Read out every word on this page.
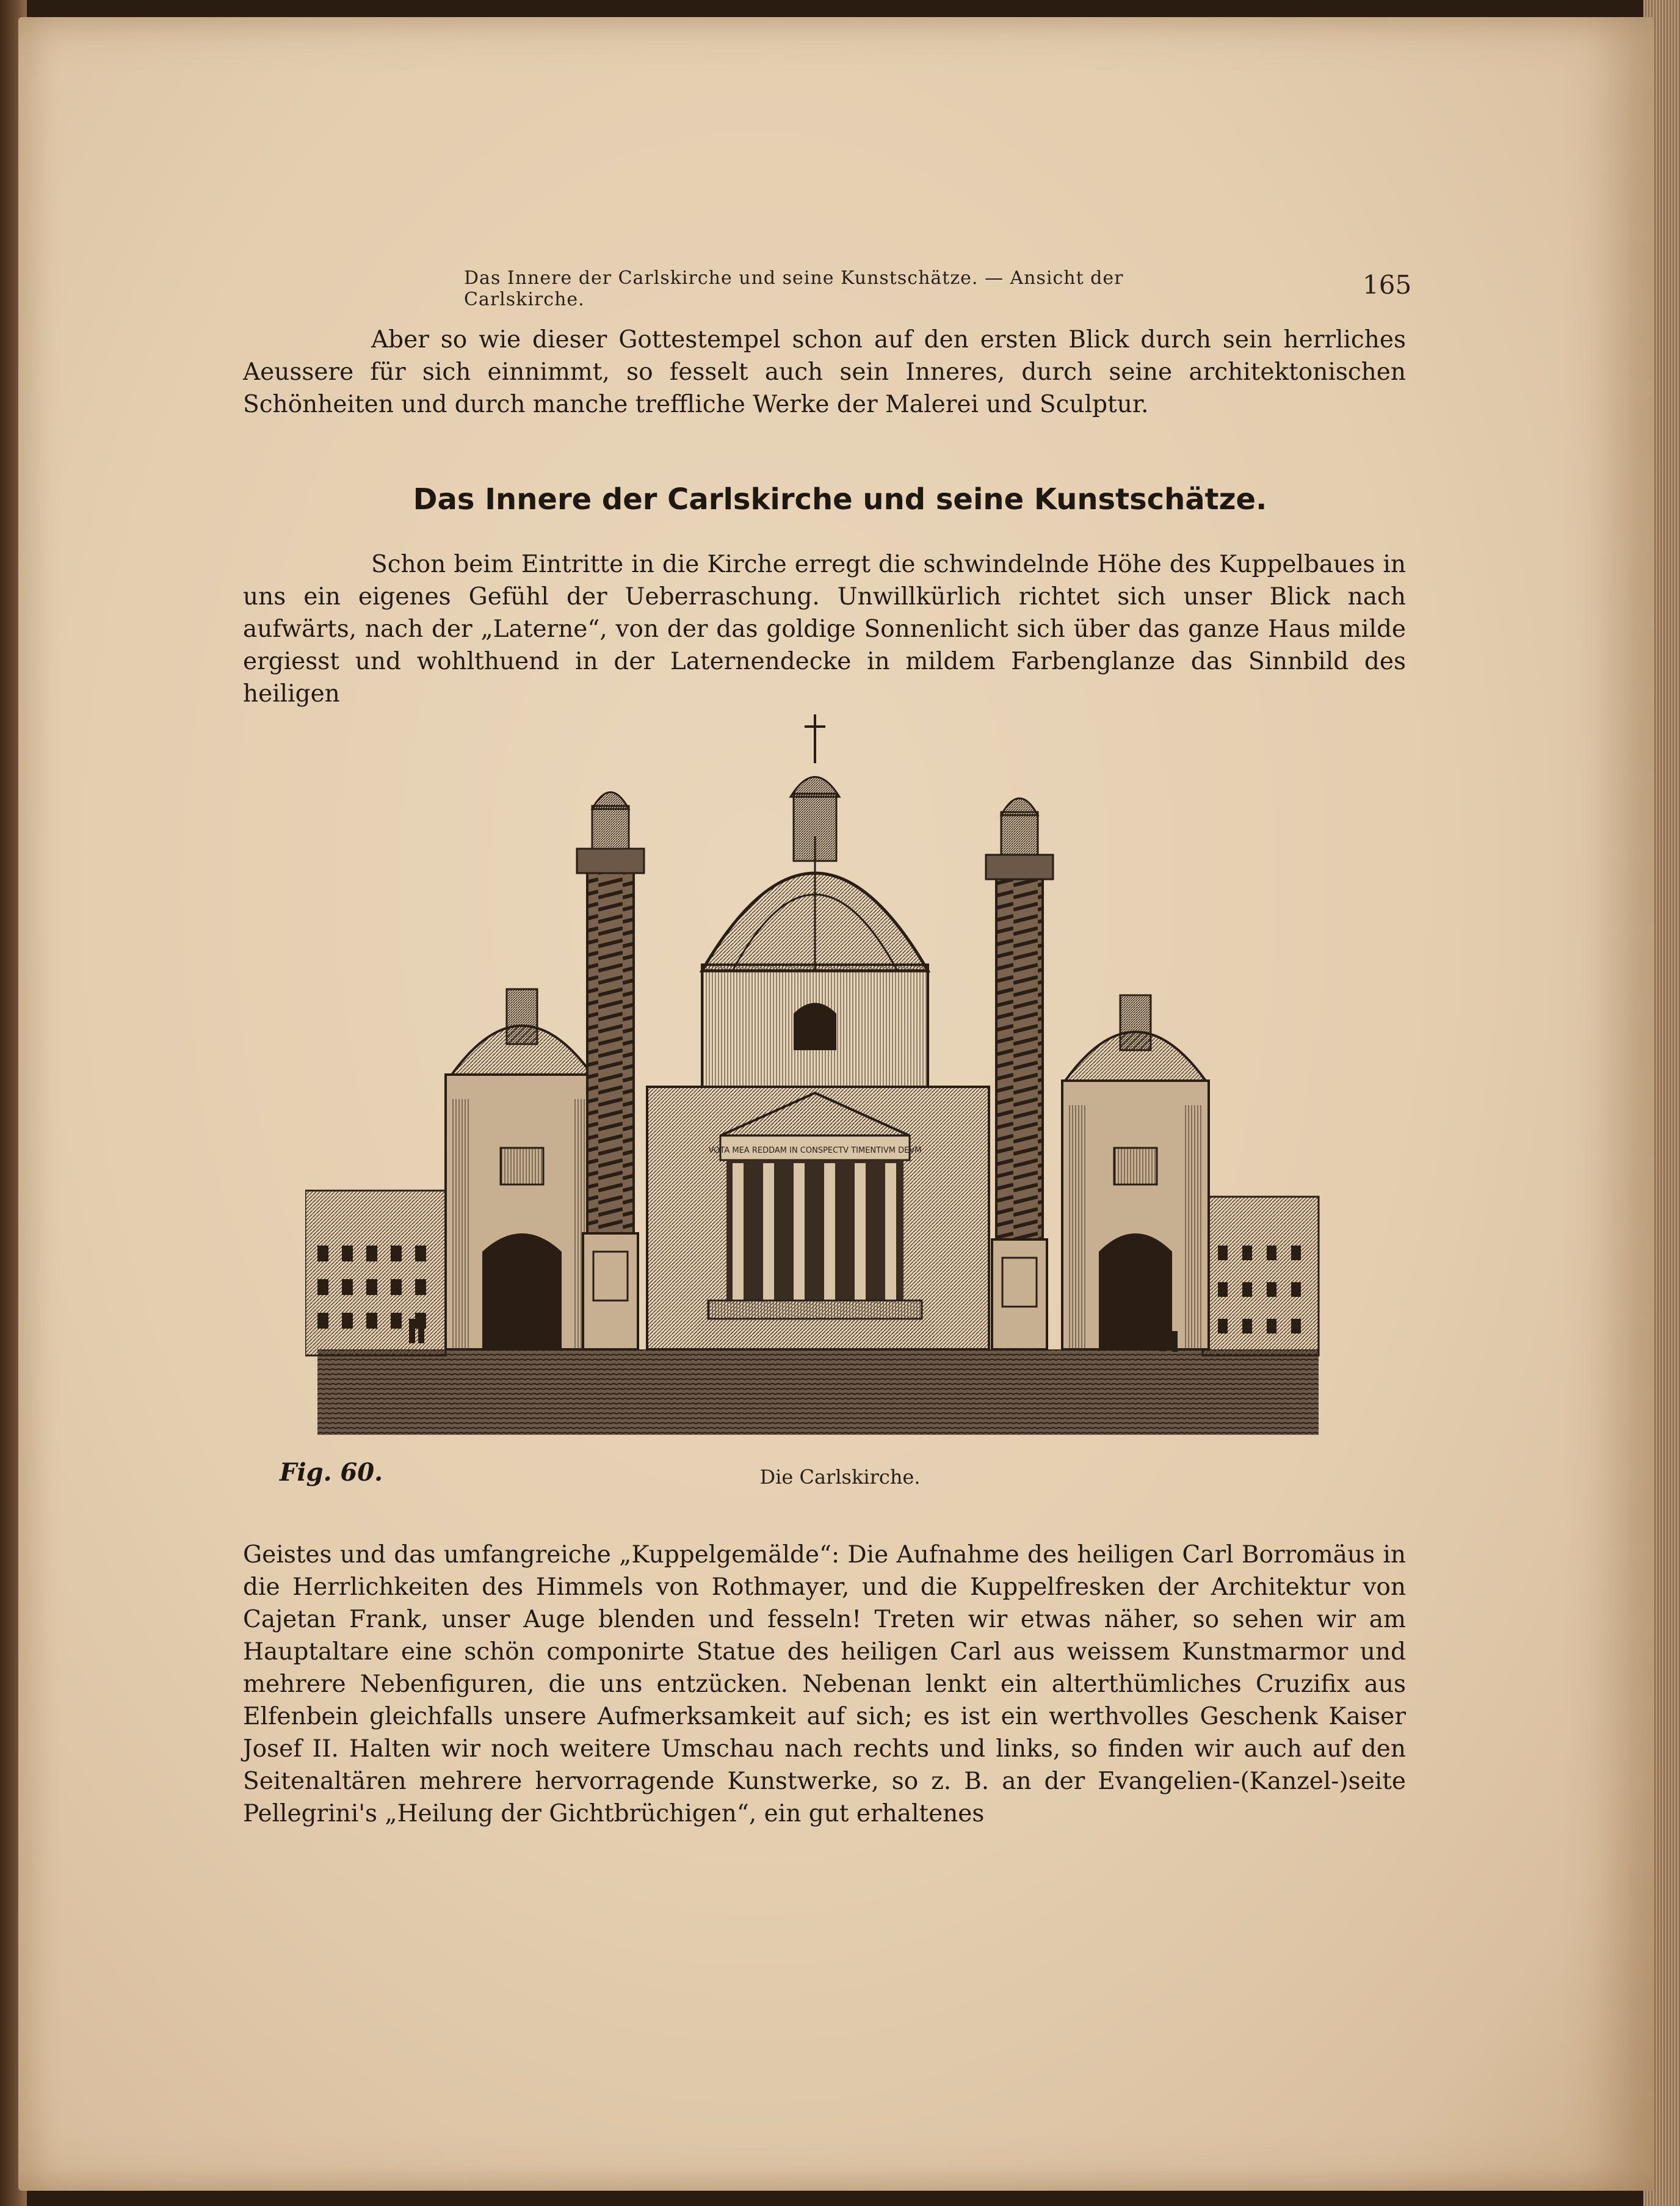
Das Innere der Carlskirche und seine Kunstschätze. — Ansicht der Carlskirche.	165
Aber so wie dieser Gottestempel schon auf den ersten Blick durch sein herrliches Aeussere für sich einnimmt, so fesselt auch sein Inneres, durch seine architektonischen Schönheiten und durch manche treffliche Werke der Malerei und Sculptur.
Das Innere der Carlskirche und seine Kunstschätze.
Schon beim Eintritte in die Kirche erregt die schwindelnde Höhe des Kuppelbaues in uns ein eigenes Gefühl der Ueberraschung. Unwillkürlich richtet sich unser Blick nach aufwärts, nach der „Laterne“, von der das goldige Sonnenlicht sich über das ganze Haus milde ergiesst und wohlthuend in der Laternendecke in mildem Farbenglanze das Sinnbild des heiligen
VOTA MEA REDDAM IN CONSPECTV TIMENTIVM DEVM
Fig. 60.	Die Carlskirche.
Geistes und das umfangreiche „Kuppelgemälde“: Die Aufnahme des heiligen Carl Borromäus in die Herrlichkeiten des Himmels von Rothmayer, und die Kuppelfresken der Architektur von Cajetan Frank, unser Auge blenden und fesseln! Treten wir etwas näher, so sehen wir am Hauptaltare eine schön componirte Statue des heiligen Carl aus weissem Kunstmarmor und mehrere Nebenfiguren, die uns entzücken. Nebenan lenkt ein alterthümliches Cruzifix aus Elfenbein gleichfalls unsere Aufmerksamkeit auf sich; es ist ein werthvolles Geschenk Kaiser Josef II. Halten wir noch weitere Umschau nach rechts und links, so finden wir auch auf den Seitenaltären mehrere hervorragende Kunstwerke, so z. B. an der Evangelien-(Kanzel-)seite Pellegrini's „Heilung der Gichtbrüchigen“, ein gut erhaltenes
